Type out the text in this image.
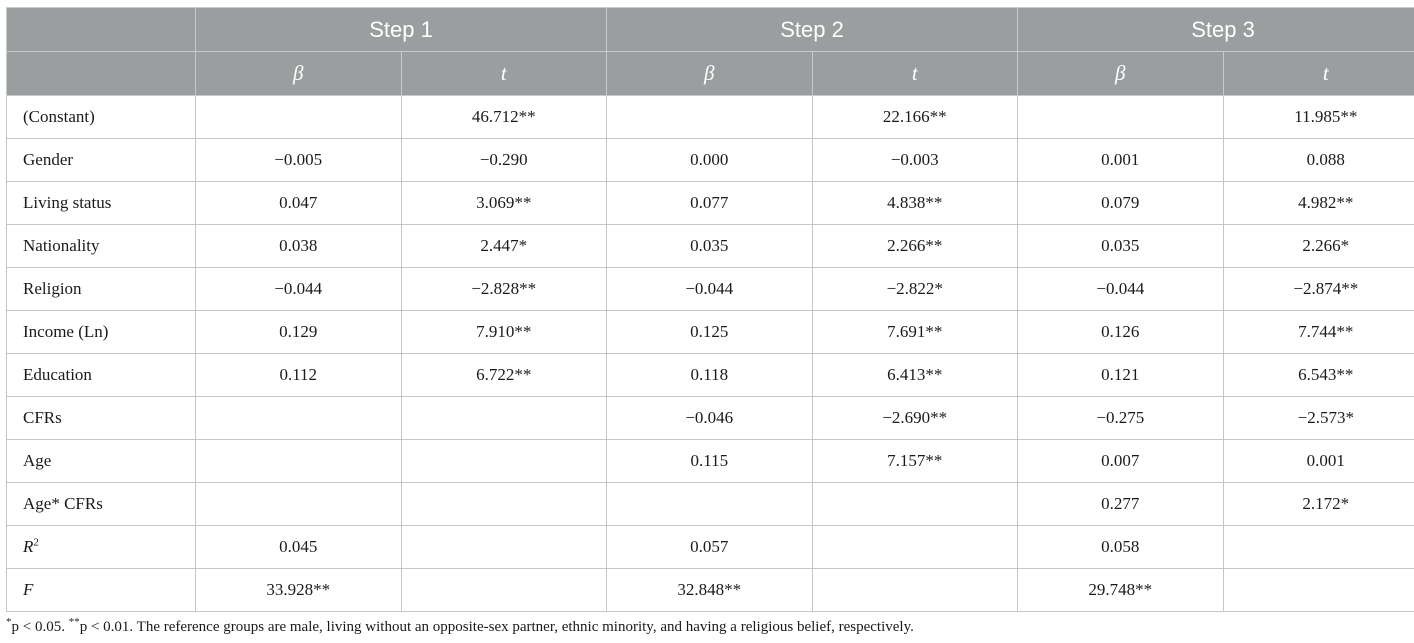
	Step 1		Step 2		Step 3	
	β	t	β	t	β	t
(Constant)		46.712**		22.166**		11.985**
Gender	−0.005	−0.290	0.000	−0.003	0.001	0.088
Living status	0.047	3.069**	0.077	4.838**	0.079	4.982**
Nationality	0.038	2.447*	0.035	2.266**	0.035	2.266*
Religion	−0.044	−2.828**	−0.044	−2.822*	−0.044	−2.874**
Income (Ln)	0.129	7.910**	0.125	7.691**	0.126	7.744**
Education	0.112	6.722**	0.118	6.413**	0.121	6.543**
CFRs			−0.046	−2.690**	−0.275	−2.573*
Age			0.115	7.157**	0.007	0.001
Age* CFRs					0.277	2.172*
$R^2$	0.045		0.057		0.058	
F	33.928**		32.848**		29.748**	
*p < 0.05. **p < 0.01. The reference groups are male, living without an opposite-sex partner, ethnic minority, and having a religious belief, respectively.
